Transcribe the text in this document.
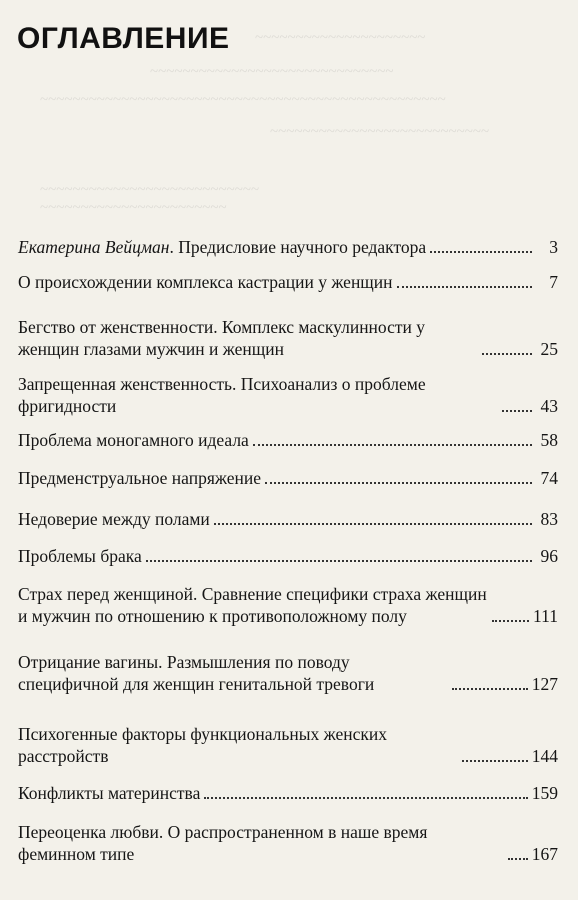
~~~~~~~~~~~~~~~~~~~~~
~~~~~~~~~~~~~~~~~~~~~~~~~~~~~~
~~~~~~~~~~~~~~~~~~~~~~~~~~~~~~~~~~~~~~~~~~~~~~~~~~
~~~~~~~~~~~~~~~~~~~~~~~~~~~
~~~~~~~~~~~~~~~~~~~~~~~~~~~
~~~~~~~~~~~~~~~~~~~~~~~
ОГЛАВЛЕНИЕ
Екатерина Вейцман. Предисловие научного редактора	3
О происхождении комплекса кастрации у женщин	7
Бегство от женственности. Комплекс маскулинности у женщин глазами мужчин и женщин	25
Запрещенная женственность. Психоанализ о проблеме фригидности	43
Проблема моногамного идеала	58
Предменструальное напряжение	74
Недоверие между полами	83
Проблемы брака	96
Страх перед женщиной. Сравнение специфики страха женщин и мужчин по отношению к противоположному полу	111
Отрицание вагины. Размышления по поводу специфичной для женщин генитальной тревоги	127
Психогенные факторы функциональных женских расстройств	144
Конфликты материнства	159
Переоценка любви. О распространенном в наше время феминном типе	167
